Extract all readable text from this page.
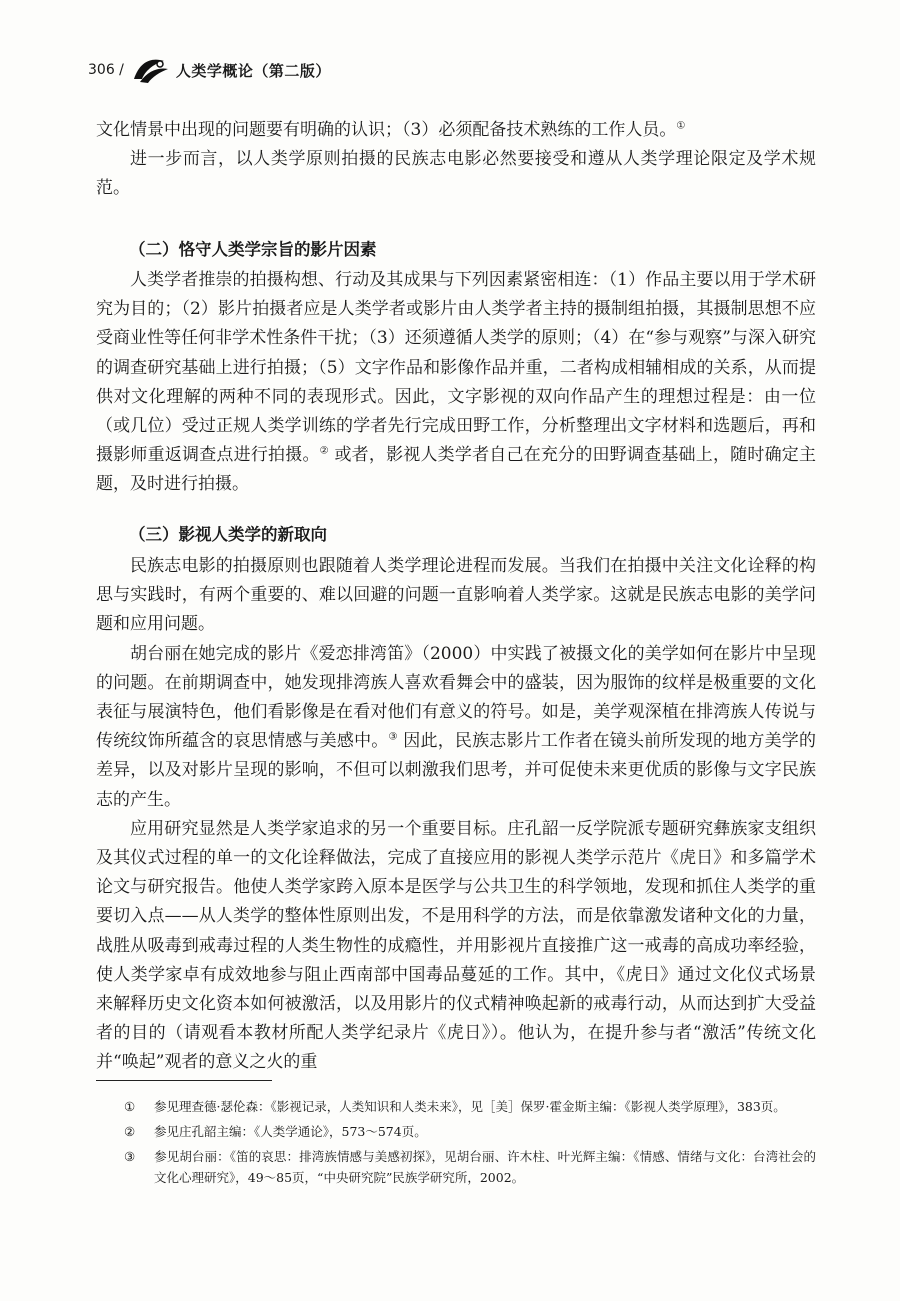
306 /	人类学概论（第二版）

文化情景中出现的问题要有明确的认识；（3）必须配备技术熟练的工作人员。①

进一步而言，以人类学原则拍摄的民族志电影必然要接受和遵从人类学理论限定及学术规范。

（二）恪守人类学宗旨的影片因素

人类学者推崇的拍摄构想、行动及其成果与下列因素紧密相连：（1）作品主要以用于学术研究为目的；（2）影片拍摄者应是人类学者或影片由人类学者主持的摄制组拍摄，其摄制思想不应受商业性等任何非学术性条件干扰；（3）还须遵循人类学的原则；（4）在“参与观察”与深入研究的调查研究基础上进行拍摄；（5）文字作品和影像作品并重，二者构成相辅相成的关系，从而提供对文化理解的两种不同的表现形式。因此，文字影视的双向作品产生的理想过程是：由一位（或几位）受过正规人类学训练的学者先行完成田野工作，分析整理出文字材料和选题后，再和摄影师重返调查点进行拍摄。② 或者，影视人类学者自己在充分的田野调查基础上，随时确定主题，及时进行拍摄。

（三）影视人类学的新取向

民族志电影的拍摄原则也跟随着人类学理论进程而发展。当我们在拍摄中关注文化诠释的构思与实践时，有两个重要的、难以回避的问题一直影响着人类学家。这就是民族志电影的美学问题和应用问题。

胡台丽在她完成的影片《爱恋排湾笛》（2000）中实践了被摄文化的美学如何在影片中呈现的问题。在前期调查中，她发现排湾族人喜欢看舞会中的盛装，因为服饰的纹样是极重要的文化表征与展演特色，他们看影像是在看对他们有意义的符号。如是，美学观深植在排湾族人传说与传统纹饰所蕴含的哀思情感与美感中。③ 因此，民族志影片工作者在镜头前所发现的地方美学的差异，以及对影片呈现的影响，不但可以刺激我们思考，并可促使未来更优质的影像与文字民族志的产生。

应用研究显然是人类学家追求的另一个重要目标。庄孔韶一反学院派专题研究彝族家支组织及其仪式过程的单一的文化诠释做法，完成了直接应用的影视人类学示范片《虎日》和多篇学术论文与研究报告。他使人类学家跨入原本是医学与公共卫生的科学领地，发现和抓住人类学的重要切入点——从人类学的整体性原则出发，不是用科学的方法，而是依靠激发诸种文化的力量，战胜从吸毒到戒毒过程的人类生物性的成瘾性，并用影视片直接推广这一戒毒的高成功率经验，使人类学家卓有成效地参与阻止西南部中国毒品蔓延的工作。其中，《虎日》通过文化仪式场景来解释历史文化资本如何被激活，以及用影片的仪式精神唤起新的戒毒行动，从而达到扩大受益者的目的（请观看本教材所配人类学纪录片《虎日》）。他认为，在提升参与者“激活”传统文化并“唤起”观者的意义之火的重

① 参见理查德·瑟伦森：《影视记录，人类知识和人类未来》，见［美］保罗·霍金斯主编：《影视人类学原理》，383页。

② 参见庄孔韶主编：《人类学通论》，573～574页。

③ 参见胡台丽：《笛的哀思：排湾族情感与美感初探》，见胡台丽、许木柱、叶光辉主编：《情感、情绪与文化：台湾社会的文化心理研究》，49～85页，“中央研究院”民族学研究所，2002。
